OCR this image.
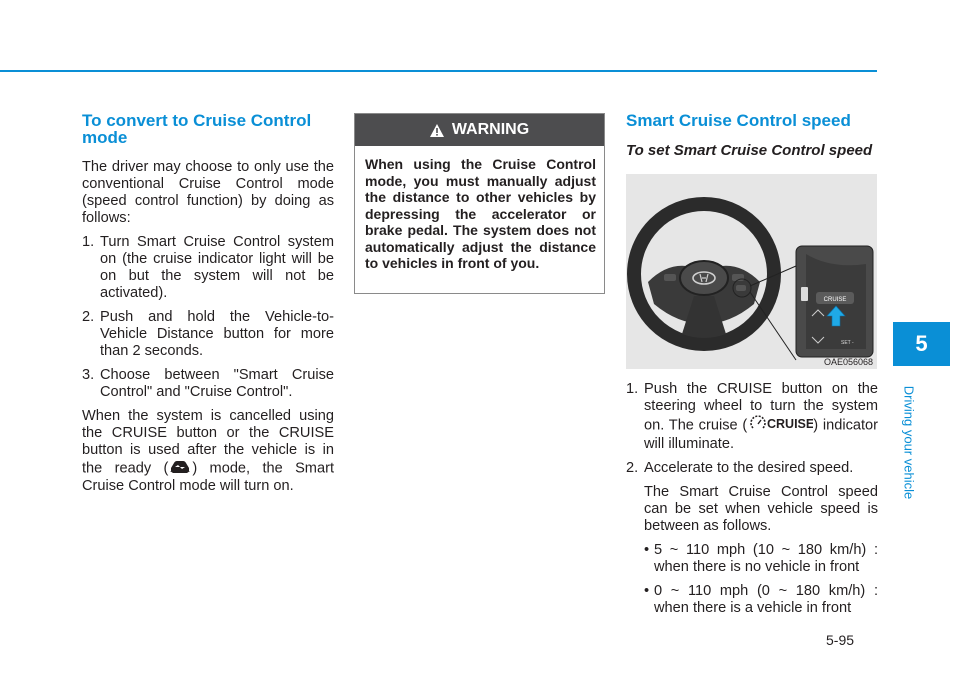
To convert to Cruise Control mode

The driver may choose to only use the conventional Cruise Control mode (speed control function) by doing as follows:

1. Turn Smart Cruise Control system on (the cruise indicator light will be on but the system will not be activated).
2. Push and hold the Vehicle-to-Vehicle Distance button for more than 2 seconds.
3. Choose between "Smart Cruise Control" and "Cruise Control".

When the system is cancelled using the CRUISE button or the CRUISE button is used after the vehicle is in the ready ( ) mode, the Smart Cruise Control mode will turn on.

WARNING
When using the Cruise Control mode, you must manually adjust the distance to other vehicles by depressing the accelerator or brake pedal. The system does not automatically adjust the distance to vehicles in front of you.
Smart Cruise Control speed
To set Smart Cruise Control speed
CRUISE
SET -
OAE056068
1. Push the CRUISE button on the steering wheel to turn the system on. The cruise ( CRUISE
) indicator will illuminate.
2. Accelerate to the desired speed.
The Smart Cruise Control speed can be set when vehicle speed is between as follows.
• 5 ~ 110 mph (10 ~ 180 km/h) : when there is no vehicle in front
• 0 ~ 110 mph (0 ~ 180 km/h) : when there is a vehicle in front
5
Driving your vehicle
5-95
